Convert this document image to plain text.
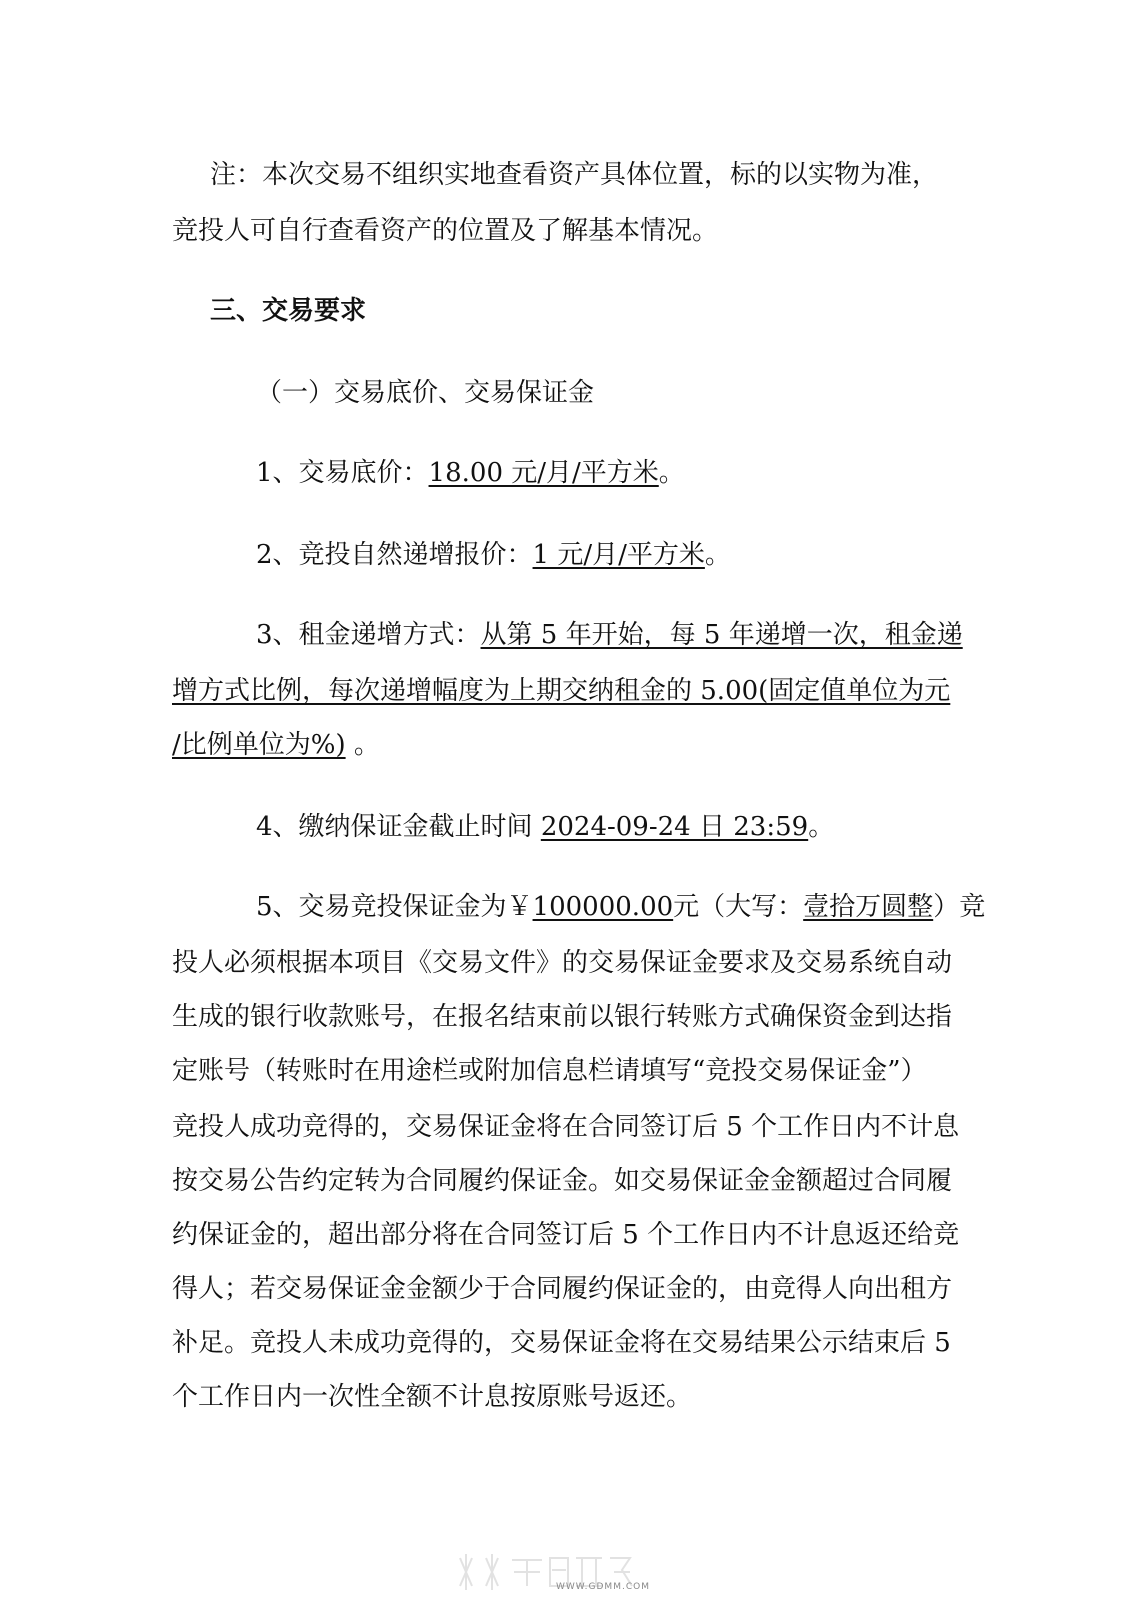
注：本次交易不组织实地查看资产具体位置，标的以实物为准，

竞投人可自行查看资产的位置及了解基本情况。

三、交易要求

（一）交易底价、交易保证金

1、交易底价：18.00 元/月/平方米。

2、竞投自然递增报价：1 元/月/平方米。

3、租金递增方式：从第 5 年开始，每 5 年递增一次，租金递

增方式比例，每次递增幅度为上期交纳租金的 5.00(固定值单位为元

/比例单位为%) 。

4、缴纳保证金截止时间 2024-09-24 日 23:59。

5、交易竞投保证金为￥100000.00元（大写：壹拾万圆整）竞

投人必须根据本项目《交易文件》的交易保证金要求及交易系统自动

生成的银行收款账号，在报名结束前以银行转账方式确保资金到达指

定账号（转账时在用途栏或附加信息栏请填写“竞投交易保证金”）

竞投人成功竞得的，交易保证金将在合同签订后 5 个工作日内不计息

按交易公告约定转为合同履约保证金。如交易保证金金额超过合同履

约保证金的，超出部分将在合同签订后 5 个工作日内不计息返还给竞

得人；若交易保证金金额少于合同履约保证金的，由竞得人向出租方

补足。竞投人未成功竞得的，交易保证金将在交易结果公示结束后 5

个工作日内一次性全额不计息按原账号返还。

WWW.GDMM.COM
